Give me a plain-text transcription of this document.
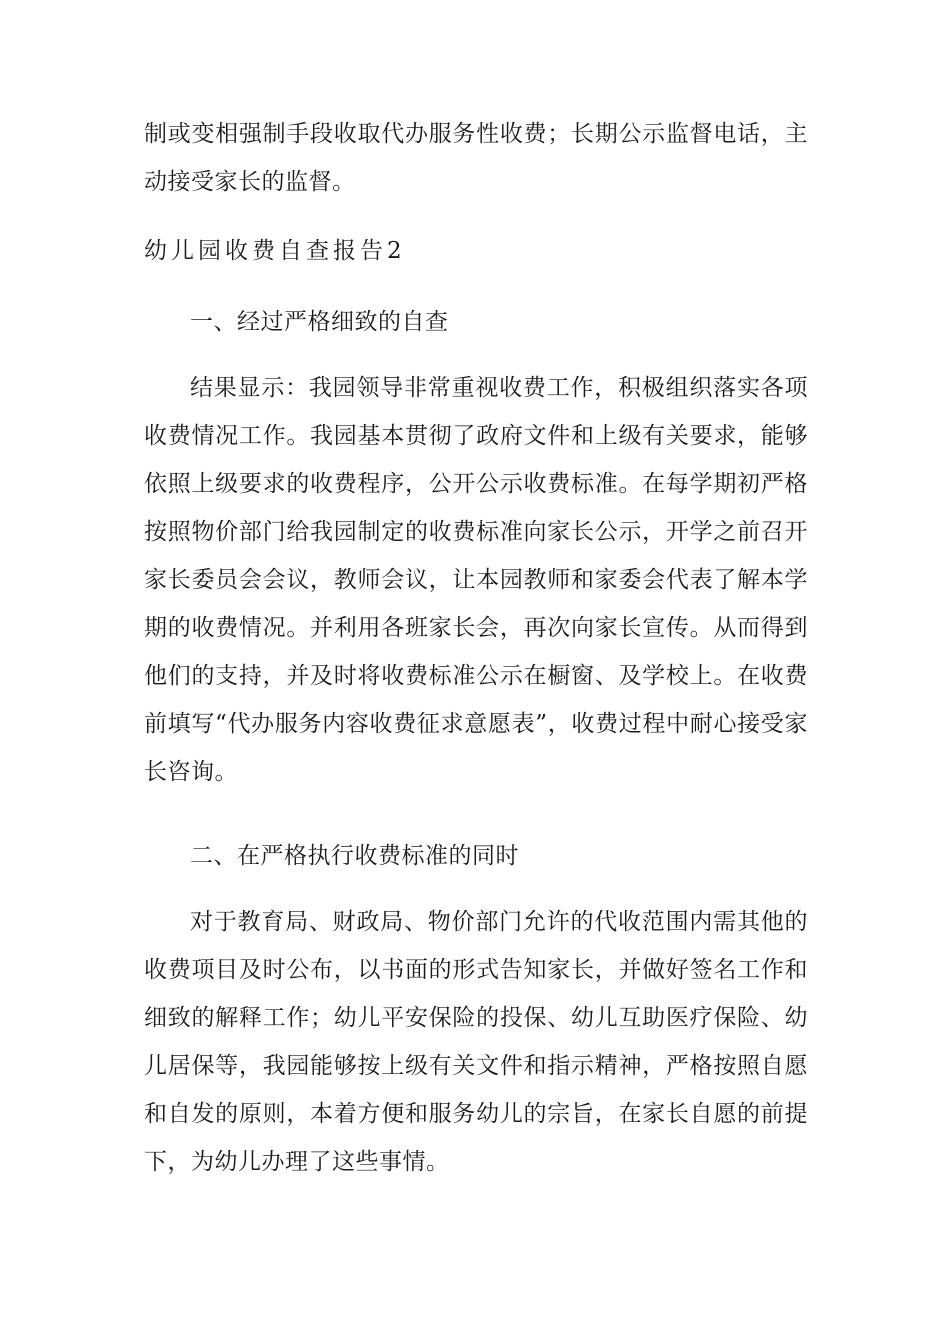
制或变相强制手段收取代办服务性收费；长期公示监督电话，主动接受家长的监督。

幼儿园收费自查报告2

一、经过严格细致的自查

结果显示：我园领导非常重视收费工作，积极组织落实各项收费情况工作。我园基本贯彻了政府文件和上级有关要求，能够依照上级要求的收费程序，公开公示收费标准。在每学期初严格按照物价部门给我园制定的收费标准向家长公示，开学之前召开家长委员会会议，教师会议，让本园教师和家委会代表了解本学期的收费情况。并利用各班家长会，再次向家长宣传。从而得到他们的支持，并及时将收费标准公示在橱窗、及学校上。在收费前填写“代办服务内容收费征求意愿表”，收费过程中耐心接受家长咨询。

二、在严格执行收费标准的同时

对于教育局、财政局、物价部门允许的代收范围内需其他的收费项目及时公布，以书面的形式告知家长，并做好签名工作和细致的解释工作；幼儿平安保险的投保、幼儿互助医疗保险、幼儿居保等，我园能够按上级有关文件和指示精神，严格按照自愿和自发的原则，本着方便和服务幼儿的宗旨，在家长自愿的前提下，为幼儿办理了这些事情。
